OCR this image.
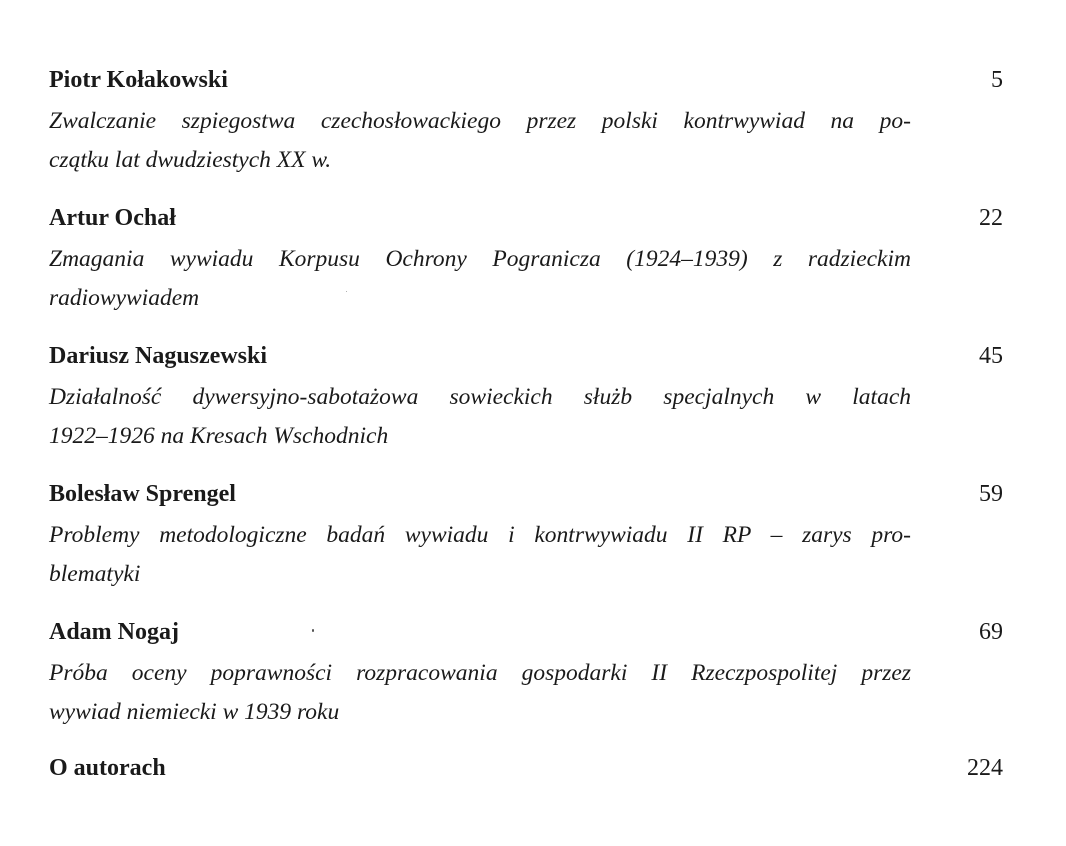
Piotr Kołakowski	5
Zwalczanie szpiegostwa czechosłowackiego przez polski kontrwywiad na po-
czątku lat dwudziestych XX w.
Artur Ochał	22
Zmagania wywiadu Korpusu Ochrony Pogranicza (1924–1939) z radzieckim
radiowywiadem
Dariusz Naguszewski	45
Działalność dywersyjno-sabotażowa sowieckich służb specjalnych w latach
1922–1926 na Kresach Wschodnich
Bolesław Sprengel	59
Problemy metodologiczne badań wywiadu i kontrwywiadu II RP – zarys pro-
blematyki
Adam Nogaj	69
Próba oceny poprawności rozpracowania gospodarki II Rzeczpospolitej przez
wywiad niemiecki w 1939 roku
O autorach	224
